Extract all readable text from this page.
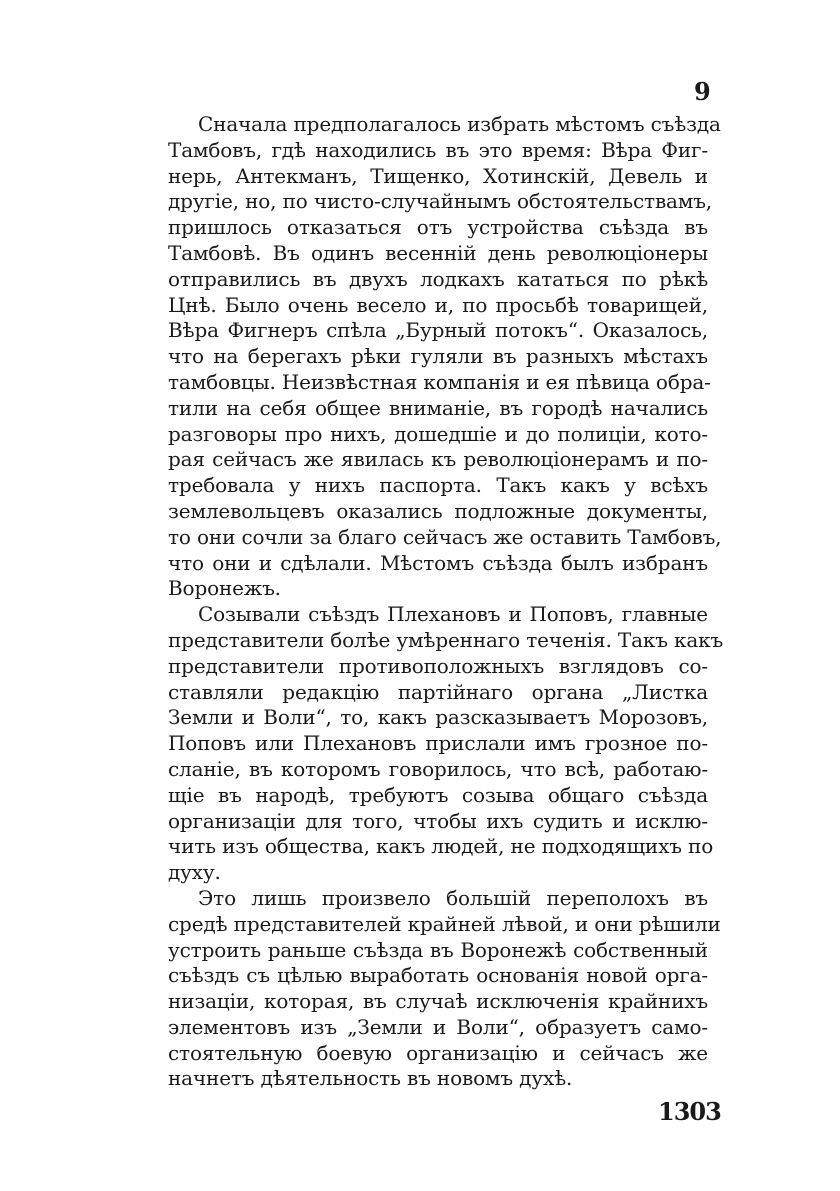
9
Сначала предполагалось избрать мѣстомъ съѣзда
Тамбовъ, гдѣ находились въ это время: Вѣра Фиг-
нерь, Антекманъ, Тищенко, Хотинскій, Девель и
другіе, но, по чисто-случайнымъ обстоятельствамъ,
пришлось отказаться отъ устройства съѣзда въ
Тамбовѣ. Въ одинъ весенній день революціонеры
отправились въ двухъ лодкахъ кататься по рѣкѣ
Цнѣ. Было очень весело и, по просьбѣ товарищей,
Вѣра Фигнеръ спѣла „Бурный потокъ“. Оказалось,
что на берегахъ рѣки гуляли въ разныхъ мѣстахъ
тамбовцы. Неизвѣстная компанія и ея пѣвица обра-
тили на себя общее вниманіе, въ городѣ начались
разговоры про нихъ, дошедшіе и до полиціи, кото-
рая сейчасъ же явилась къ революціонерамъ и по-
требовала у нихъ паспорта. Такъ какъ у всѣхъ
землевольцевъ оказались подложные документы,
то они сочли за благо сейчасъ же оставить Тамбовъ,
что они и сдѣлали. Мѣстомъ съѣзда былъ избранъ
Воронежъ.
Созывали съѣздъ Плехановъ и Поповъ, главные
представители болѣе умѣреннаго теченія. Такъ какъ
представители противоположныхъ взглядовъ со-
ставляли редакцію партійнаго органа „Листка
Земли и Воли“, то, какъ разсказываетъ Морозовъ,
Поповъ или Плехановъ прислали имъ грозное по-
сланіе, въ которомъ говорилось, что всѣ, работаю-
щіе въ народѣ, требуютъ созыва общаго съѣзда
организаціи для того, чтобы ихъ судить и исклю-
чить изъ общества, какъ людей, не подходящихъ по
духу.
Это лишь произвело большій переполохъ въ
средѣ представителей крайней лѣвой, и они рѣшили
устроить раньше съѣзда въ Воронежѣ собственный
съѣздъ съ цѣлью выработать основанія новой орга-
низаціи, которая, въ случаѣ исключенія крайнихъ
элементовъ изъ „Земли и Воли“, образуетъ само-
стоятельную боевую организацію и сейчасъ же
начнетъ дѣятельность въ новомъ духѣ.
1303
